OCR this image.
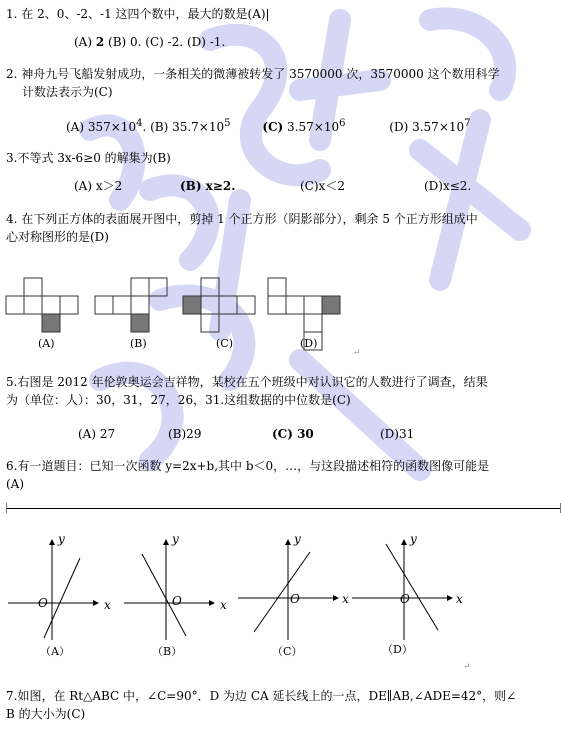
1. 在 2、0、-2、-1 这四个数中，最大的数是(A)
(A) 2 (B) 0. (C) -2. (D) -1.
2. 神舟九号飞船发射成功，一条相关的微薄被转发了 3570000 次，3570000 这个数用科学
计数法表示为(C)
(A) $357\times 10^4$. (B) $35.7\times 10^5$	(C) $3.57\times 10^6$	(D) $3.57\times 10^7$
3.不等式 3x-6≥0 的解集为(B)
(A) x＞2	(B) x≥2.	(C)x＜2	(D)x≤2.
4. 在下列正方体的表面展开图中，剪掉 1 个正方形（阴影部分），剩余 5 个正方形组成中
心对称图形的是(D)
(A)	(B)	(C)	(D)
↵
5.右图是 2012 年伦敦奥运会吉祥物，某校在五个班级中对认识它的人数进行了调查，结果
为（单位：人）：30，31，27，26，31.这组数据的中位数是(C)
(A) 27	(B)29	(C) 30	(D)31
6.有一道题目：已知一次函数 y=2x+b,其中 b＜0，…，与这段描述相符的函数图像可能是
(A)
y
x
O
y
x
O
y
x
O
y
x
O
（A）	（B）	（C）	（D）
↵
7.如图，在 Rt△ABC 中，∠C=90°．D 为边 CA 延长线上的一点，DE∥AB,∠ADE=42°，则∠
B 的大小为(C)
